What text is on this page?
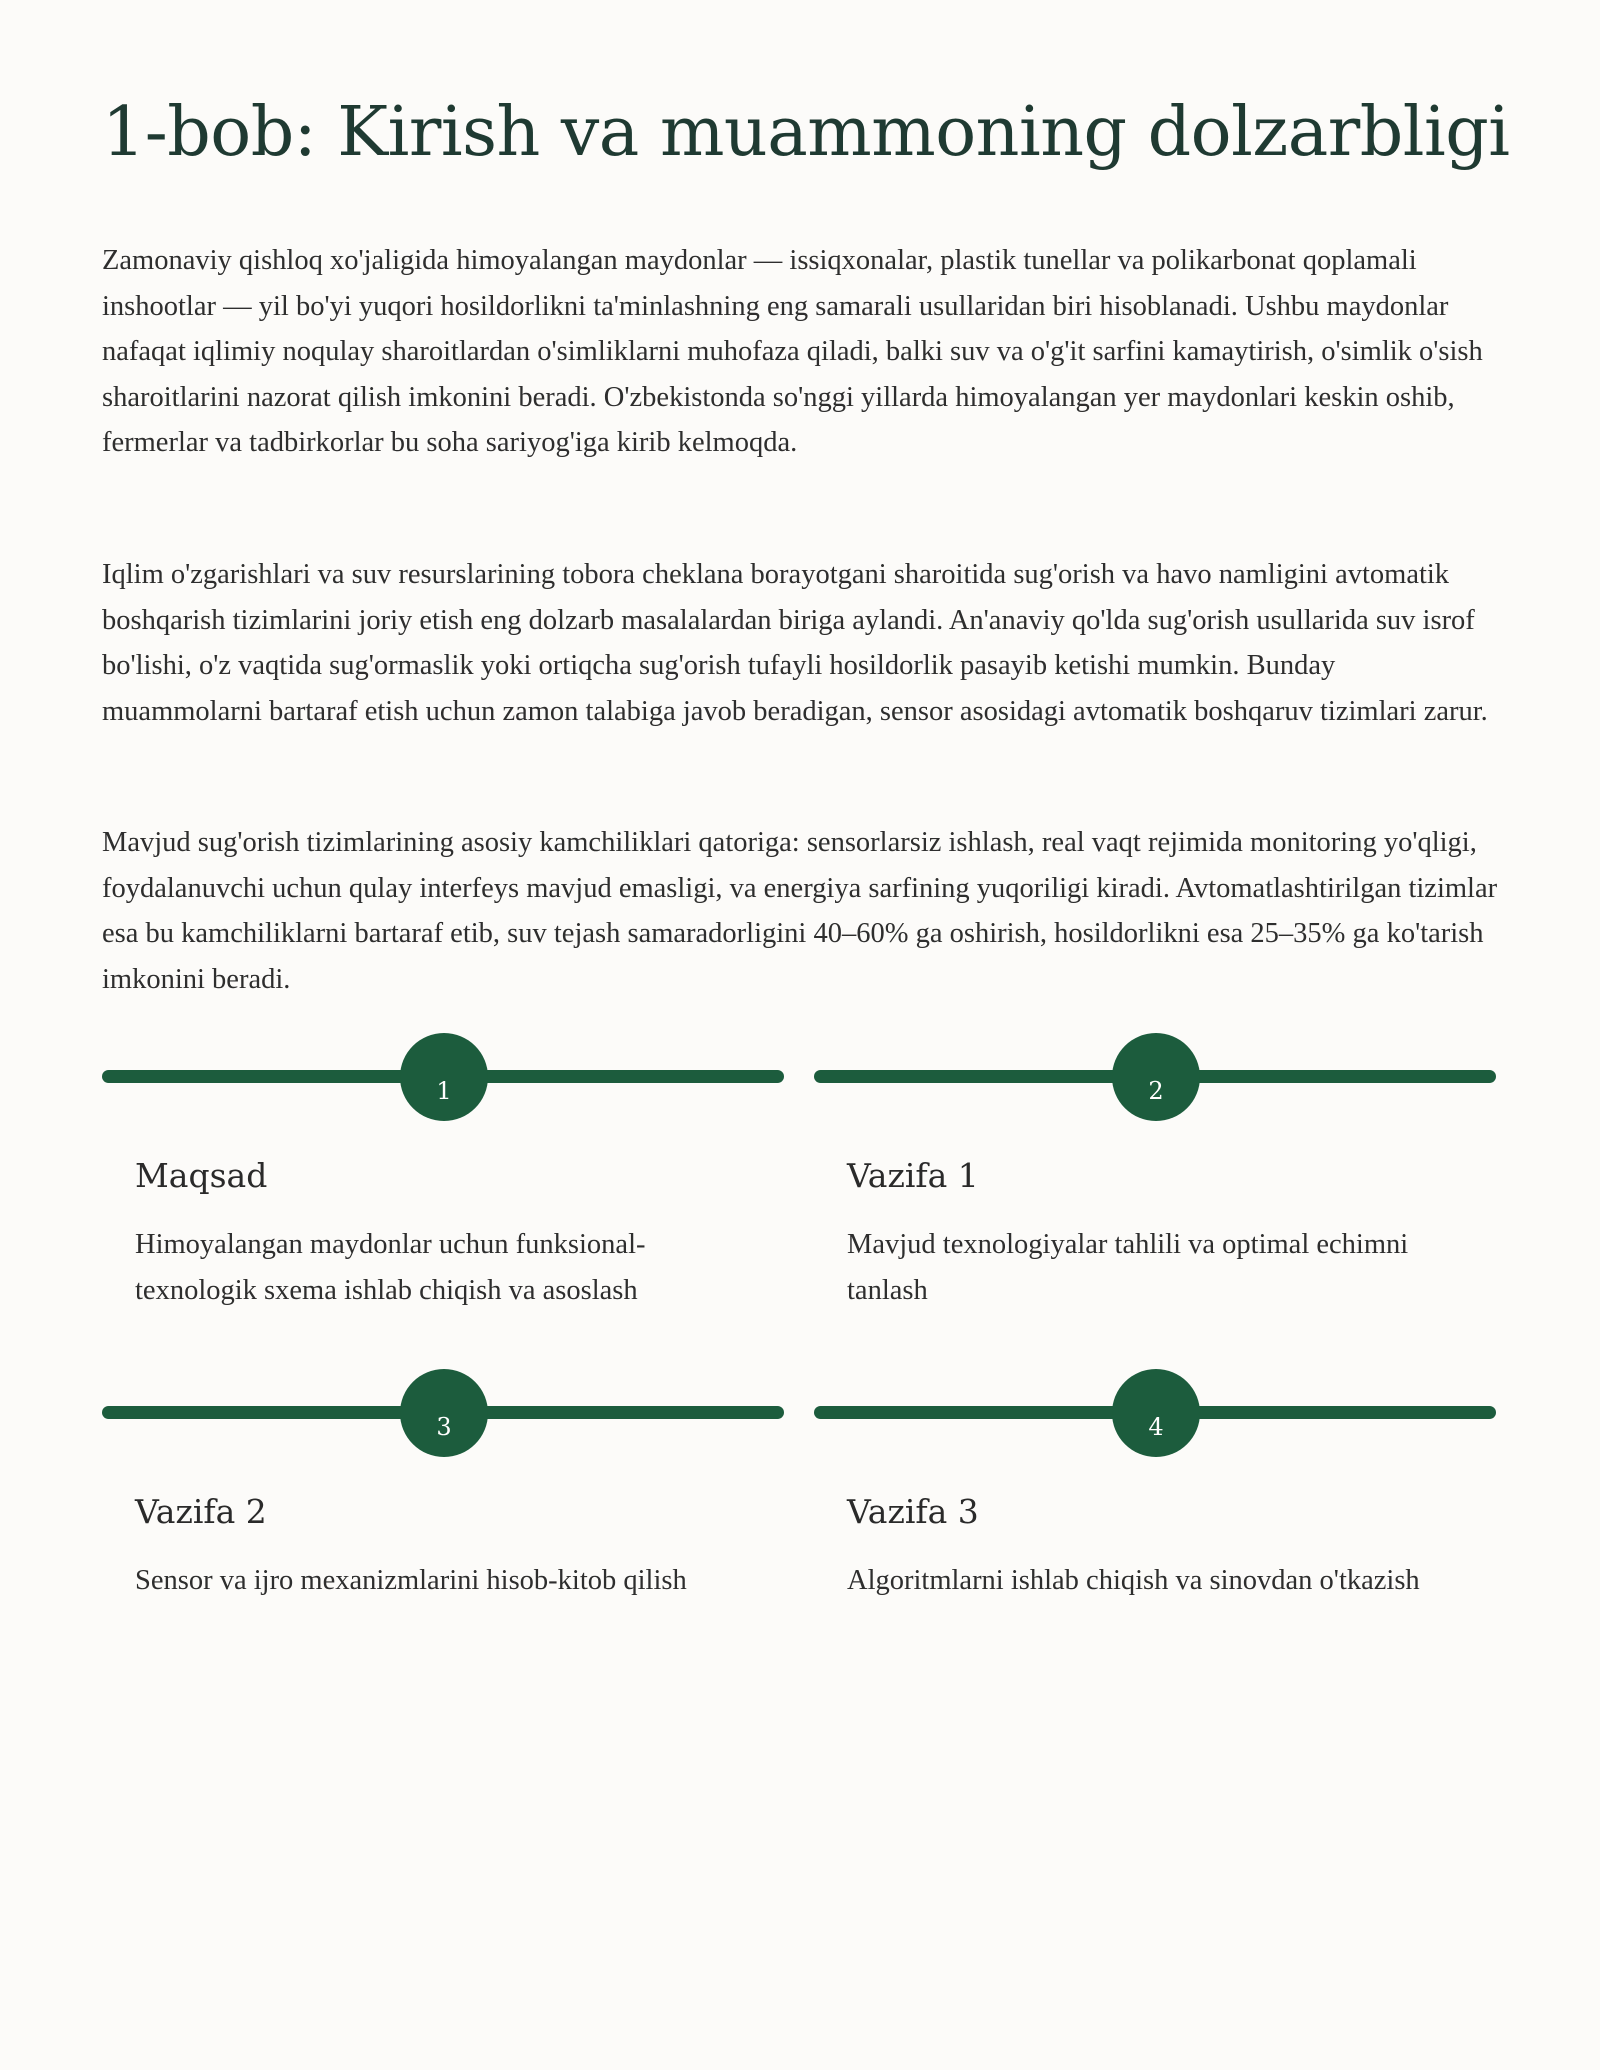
1-bob: Kirish va muammoning dolzarbligi

Zamonaviy qishloq xo'jaligida himoyalangan maydonlar — issiqxonalar, plastik tunellar va polikarbonat qoplamali inshootlar — yil bo'yi yuqori hosildorlikni ta'minlashning eng samarali usullaridan biri hisoblanadi. Ushbu maydonlar nafaqat iqlimiy noqulay sharoitlardan o'simliklarni muhofaza qiladi, balki suv va o'g'it sarfini kamaytirish, o'simlik o'sish sharoitlarini nazorat qilish imkonini beradi. O'zbekistonda so'nggi yillarda himoyalangan yer maydonlari keskin oshib, fermerlar va tadbirkorlar bu soha sariyog'iga kirib kelmoqda.

Iqlim o'zgarishlari va suv resurslarining tobora cheklana borayotgani sharoitida sug'orish va havo namligini avtomatik boshqarish tizimlarini joriy etish eng dolzarb masalalardan biriga aylandi. An'anaviy qo'lda sug'orish usullarida suv isrof bo'lishi, o'z vaqtida sug'ormaslik yoki ortiqcha sug'orish tufayli hosildorlik pasayib ketishi mumkin. Bunday muammolarni bartaraf etish uchun zamon talabiga javob beradigan, sensor asosidagi avtomatik boshqaruv tizimlari zarur.

Mavjud sug'orish tizimlarining asosiy kamchiliklari qatoriga: sensorlarsiz ishlash, real vaqt rejimida monitoring yo'qligi, foydalanuvchi uchun qulay interfeys mavjud emasligi, va energiya sarfining yuqoriligi kiradi. Avtomatlashtirilgan tizimlar esa bu kamchiliklarni bartaraf etib, suv tejash samaradorligini 40–60% ga oshirish, hosildorlikni esa 25–35% ga ko'tarish imkonini beradi.

1
Maqsad
Himoyalangan maydonlar uchun funksional-texnologik sxema ishlab chiqish va asoslash
2
Vazifa 1
Mavjud texnologiyalar tahlili va optimal echimni tanlash
3
Vazifa 2
Sensor va ijro mexanizmlarini hisob-kitob qilish
4
Vazifa 3
Algoritmlarni ishlab chiqish va sinovdan o'tkazish
